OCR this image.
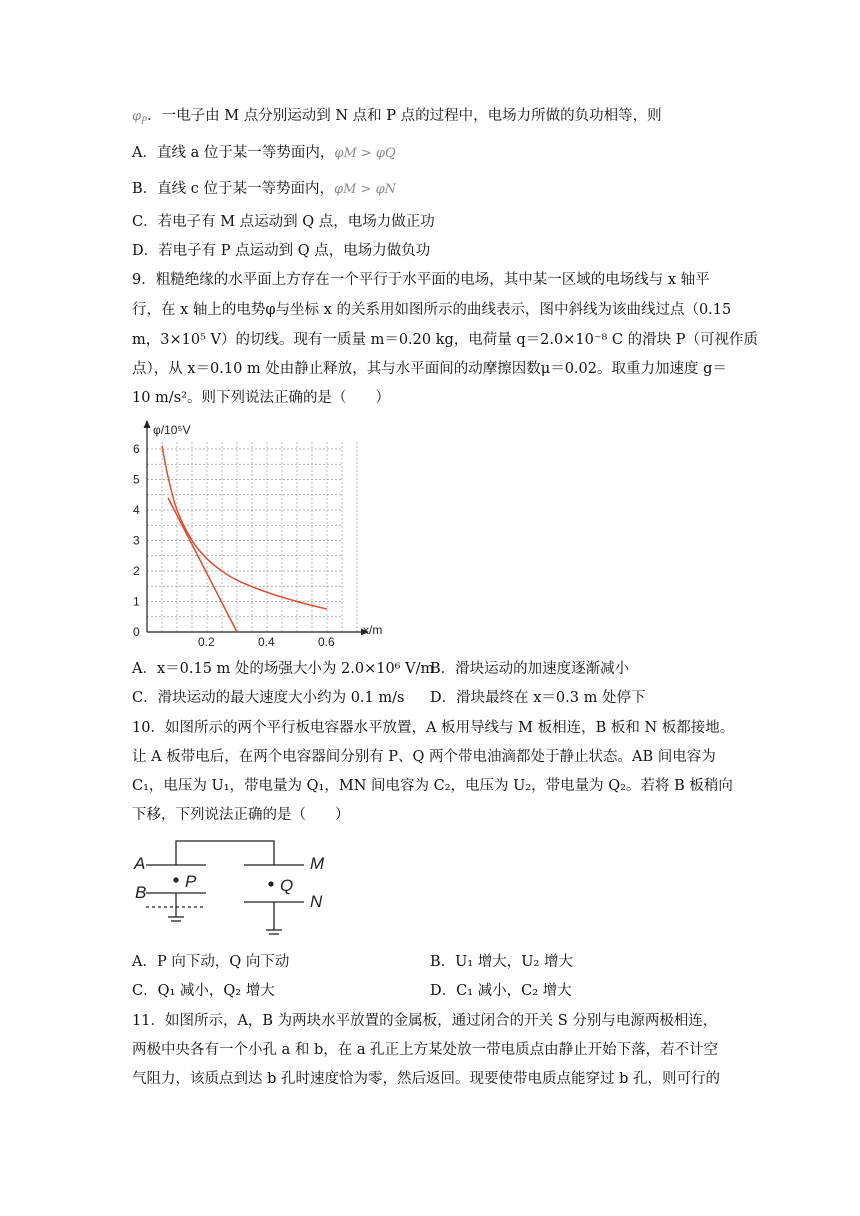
$\varphi_P$．一电子由 M 点分别运动到 N 点和 P 点的过程中，电场力所做的负功相等，则
A．直线 a 位于某一等势面内，φM > φQ
B．直线 c 位于某一等势面内，φM > φN
C．若电子有 M 点运动到 Q 点，电场力做正功
D．若电子有 P 点运动到 Q 点，电场力做负功
9．粗糙绝缘的水平面上方存在一个平行于水平面的电场，其中某一区域的电场线与 x 轴平
行，在 x 轴上的电势φ与坐标 x 的关系用如图所示的曲线表示，图中斜线为该曲线过点（0.15
m，3×10⁵ V）的切线。现有一质量 m＝0.20 kg，电荷量 q＝2.0×10⁻⁸ C 的滑块 P（可视作质
点），从 x＝0.10 m 处由静止释放，其与水平面间的动摩擦因数μ＝0.02。取重力加速度 g＝
10 m/s²。则下列说法正确的是（　　）
0
1
2
3
4
5
6
0.2	0.4	0.6
φ/10⁵V
x/m
A．x＝0.15 m 处的场强大小为 2.0×10⁶ V/m
B．滑块运动的加速度逐渐减小
C．滑块运动的最大速度大小约为 0.1 m/s D．滑块最终在 x＝0.3 m 处停下
10．如图所示的两个平行板电容器水平放置，A 板用导线与 M 板相连，B 板和 N 板都接地。
让 A 板带电后，在两个电容器间分别有 P、Q 两个带电油滴都处于静止状态。AB 间电容为
C₁，电压为 U₁，带电量为 Q₁，MN 间电容为 C₂，电压为 U₂，带电量为 Q₂。若将 B 板稍向
下移，下列说法正确的是（　　）
A
B
P	Q
M
N
A．P 向下动，Q 向下动	B．U₁ 增大，U₂ 增大
C．Q₁ 减小，Q₂ 增大	D．C₁ 减小，C₂ 增大
11．如图所示，A，B 为两块水平放置的金属板，通过闭合的开关 S 分别与电源两极相连，
两极中央各有一个小孔 a 和 b，在 a 孔正上方某处放一带电质点由静止开始下落，若不计空
气阻力，该质点到达 b 孔时速度恰为零，然后返回。现要使带电质点能穿过 b 孔，则可行的
